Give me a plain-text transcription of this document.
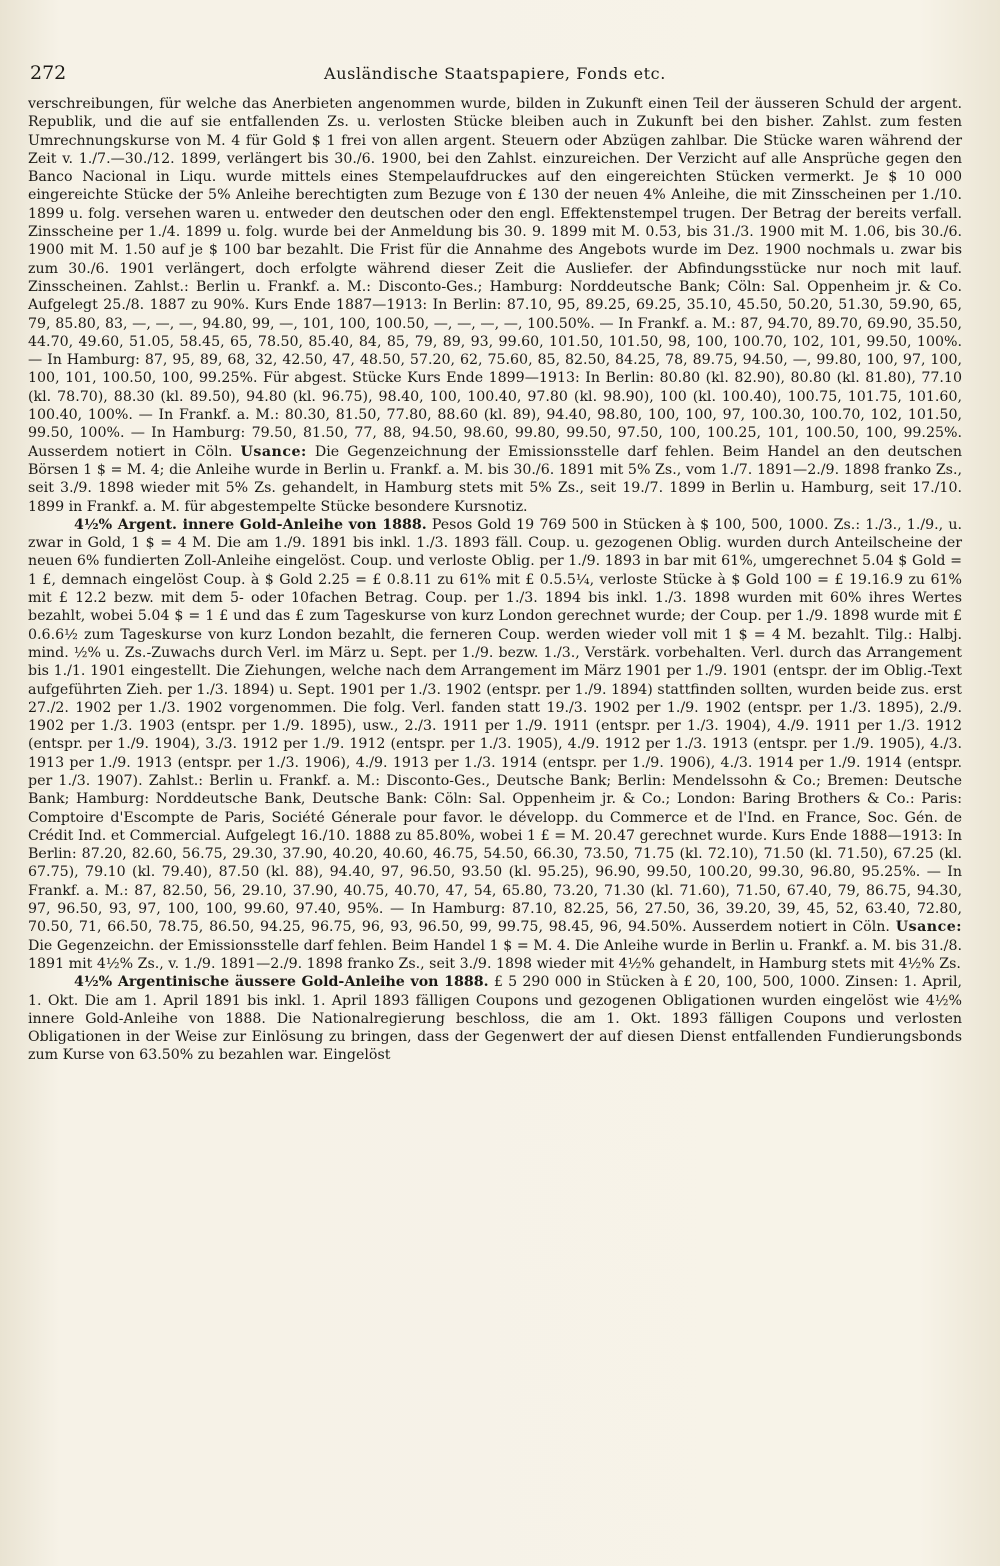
272	Ausländische Staatspapiere, Fonds etc.

verschreibungen, für welche das Anerbieten angenommen wurde, bilden in Zukunft einen Teil der äusseren Schuld der argent. Republik, und die auf sie entfallenden Zs. u. verlosten Stücke bleiben auch in Zukunft bei den bisher. Zahlst. zum festen Umrechnungskurse von M. 4 für Gold $ 1 frei von allen argent. Steuern oder Abzügen zahlbar. Die Stücke waren während der Zeit v. 1./7.—30./12. 1899, verlängert bis 30./6. 1900, bei den Zahlst. einzureichen. Der Verzicht auf alle Ansprüche gegen den Banco Nacional in Liqu. wurde mittels eines Stempelaufdruckes auf den eingereichten Stücken vermerkt. Je $ 10 000 eingereichte Stücke der 5% Anleihe berechtigten zum Bezuge von £ 130 der neuen 4% Anleihe, die mit Zinsscheinen per 1./10. 1899 u. folg. versehen waren u. entweder den deutschen oder den engl. Effektenstempel trugen. Der Betrag der bereits verfall. Zinsscheine per 1./4. 1899 u. folg. wurde bei der Anmeldung bis 30. 9. 1899 mit M. 0.53, bis 31./3. 1900 mit M. 1.06, bis 30./6. 1900 mit M. 1.50 auf je $ 100 bar bezahlt. Die Frist für die Annahme des Angebots wurde im Dez. 1900 nochmals u. zwar bis zum 30./6. 1901 verlängert, doch erfolgte während dieser Zeit die Ausliefer. der Abfindungsstücke nur noch mit lauf. Zinsscheinen. Zahlst.: Berlin u. Frankf. a. M.: Disconto-Ges.; Hamburg: Norddeutsche Bank; Cöln: Sal. Oppenheim jr. & Co. Aufgelegt 25./8. 1887 zu 90%. Kurs Ende 1887—1913: In Berlin: 87.10, 95, 89.25, 69.25, 35.10, 45.50, 50.20, 51.30, 59.90, 65, 79, 85.80, 83, —, —, —, 94.80, 99, —, 101, 100, 100.50, —, —, —, —, 100.50%. — In Frankf. a. M.: 87, 94.70, 89.70, 69.90, 35.50, 44.70, 49.60, 51.05, 58.45, 65, 78.50, 85.40, 84, 85, 79, 89, 93, 99.60, 101.50, 101.50, 98, 100, 100.70, 102, 101, 99.50, 100%. — In Hamburg: 87, 95, 89, 68, 32, 42.50, 47, 48.50, 57.20, 62, 75.60, 85, 82.50, 84.25, 78, 89.75, 94.50, —, 99.80, 100, 97, 100, 100, 101, 100.50, 100, 99.25%. Für abgest. Stücke Kurs Ende 1899—1913: In Berlin: 80.80 (kl. 82.90), 80.80 (kl. 81.80), 77.10 (kl. 78.70), 88.30 (kl. 89.50), 94.80 (kl. 96.75), 98.40, 100, 100.40, 97.80 (kl. 98.90), 100 (kl. 100.40), 100.75, 101.75, 101.60, 100.40, 100%. — In Frankf. a. M.: 80.30, 81.50, 77.80, 88.60 (kl. 89), 94.40, 98.80, 100, 100, 97, 100.30, 100.70, 102, 101.50, 99.50, 100%. — In Hamburg: 79.50, 81.50, 77, 88, 94.50, 98.60, 99.80, 99.50, 97.50, 100, 100.25, 101, 100.50, 100, 99.25%. Ausserdem notiert in Cöln. Usance: Die Gegenzeichnung der Emissionsstelle darf fehlen. Beim Handel an den deutschen Börsen 1 $ = M. 4; die Anleihe wurde in Berlin u. Frankf. a. M. bis 30./6. 1891 mit 5% Zs., vom 1./7. 1891—2./9. 1898 franko Zs., seit 3./9. 1898 wieder mit 5% Zs. gehandelt, in Hamburg stets mit 5% Zs., seit 19./7. 1899 in Berlin u. Hamburg, seit 17./10. 1899 in Frankf. a. M. für abgestempelte Stücke besondere Kursnotiz.

4½% Argent. innere Gold-Anleihe von 1888. Pesos Gold 19 769 500 in Stücken à $ 100, 500, 1000. Zs.: 1./3., 1./9., u. zwar in Gold, 1 $ = 4 M. Die am 1./9. 1891 bis inkl. 1./3. 1893 fäll. Coup. u. gezogenen Oblig. wurden durch Anteilscheine der neuen 6% fundierten Zoll-Anleihe eingelöst. Coup. und verloste Oblig. per 1./9. 1893 in bar mit 61%, umgerechnet 5.04 $ Gold = 1 £, demnach eingelöst Coup. à $ Gold 2.25 = £ 0.8.11 zu 61% mit £ 0.5.5¼, verloste Stücke à $ Gold 100 = £ 19.16.9 zu 61% mit £ 12.2 bezw. mit dem 5- oder 10fachen Betrag. Coup. per 1./3. 1894 bis inkl. 1./3. 1898 wurden mit 60% ihres Wertes bezahlt, wobei 5.04 $ = 1 £ und das £ zum Tageskurse von kurz London gerechnet wurde; der Coup. per 1./9. 1898 wurde mit £ 0.6.6½ zum Tageskurse von kurz London bezahlt, die ferneren Coup. werden wieder voll mit 1 $ = 4 M. bezahlt. Tilg.: Halbj. mind. ½% u. Zs.-Zuwachs durch Verl. im März u. Sept. per 1./9. bezw. 1./3., Verstärk. vorbehalten. Verl. durch das Arrangement bis 1./1. 1901 eingestellt. Die Ziehungen, welche nach dem Arrangement im März 1901 per 1./9. 1901 (entspr. der im Oblig.-Text aufgeführten Zieh. per 1./3. 1894) u. Sept. 1901 per 1./3. 1902 (entspr. per 1./9. 1894) stattfinden sollten, wurden beide zus. erst 27./2. 1902 per 1./3. 1902 vorgenommen. Die folg. Verl. fanden statt 19./3. 1902 per 1./9. 1902 (entspr. per 1./3. 1895), 2./9. 1902 per 1./3. 1903 (entspr. per 1./9. 1895), usw., 2./3. 1911 per 1./9. 1911 (entspr. per 1./3. 1904), 4./9. 1911 per 1./3. 1912 (entspr. per 1./9. 1904), 3./3. 1912 per 1./9. 1912 (entspr. per 1./3. 1905), 4./9. 1912 per 1./3. 1913 (entspr. per 1./9. 1905), 4./3. 1913 per 1./9. 1913 (entspr. per 1./3. 1906), 4./9. 1913 per 1./3. 1914 (entspr. per 1./9. 1906), 4./3. 1914 per 1./9. 1914 (entspr. per 1./3. 1907). Zahlst.: Berlin u. Frankf. a. M.: Disconto-Ges., Deutsche Bank; Berlin: Mendelssohn & Co.; Bremen: Deutsche Bank; Hamburg: Norddeutsche Bank, Deutsche Bank: Cöln: Sal. Oppenheim jr. & Co.; London: Baring Brothers & Co.: Paris: Comptoire d'Escompte de Paris, Société Génerale pour favor. le développ. du Commerce et de l'Ind. en France, Soc. Gén. de Crédit Ind. et Commercial. Aufgelegt 16./10. 1888 zu 85.80%, wobei 1 £ = M. 20.47 gerechnet wurde. Kurs Ende 1888—1913: In Berlin: 87.20, 82.60, 56.75, 29.30, 37.90, 40.20, 40.60, 46.75, 54.50, 66.30, 73.50, 71.75 (kl. 72.10), 71.50 (kl. 71.50), 67.25 (kl. 67.75), 79.10 (kl. 79.40), 87.50 (kl. 88), 94.40, 97, 96.50, 93.50 (kl. 95.25), 96.90, 99.50, 100.20, 99.30, 96.80, 95.25%. — In Frankf. a. M.: 87, 82.50, 56, 29.10, 37.90, 40.75, 40.70, 47, 54, 65.80, 73.20, 71.30 (kl. 71.60), 71.50, 67.40, 79, 86.75, 94.30, 97, 96.50, 93, 97, 100, 100, 99.60, 97.40, 95%. — In Hamburg: 87.10, 82.25, 56, 27.50, 36, 39.20, 39, 45, 52, 63.40, 72.80, 70.50, 71, 66.50, 78.75, 86.50, 94.25, 96.75, 96, 93, 96.50, 99, 99.75, 98.45, 96, 94.50%. Ausserdem notiert in Cöln. Usance: Die Gegenzeichn. der Emissionsstelle darf fehlen. Beim Handel 1 $ = M. 4. Die Anleihe wurde in Berlin u. Frankf. a. M. bis 31./8. 1891 mit 4½% Zs., v. 1./9. 1891—2./9. 1898 franko Zs., seit 3./9. 1898 wieder mit 4½% gehandelt, in Hamburg stets mit 4½% Zs.

4½% Argentinische äussere Gold-Anleihe von 1888. £ 5 290 000 in Stücken à £ 20, 100, 500, 1000. Zinsen: 1. April, 1. Okt. Die am 1. April 1891 bis inkl. 1. April 1893 fälligen Coupons und gezogenen Obligationen wurden eingelöst wie 4½% innere Gold-Anleihe von 1888. Die Nationalregierung beschloss, die am 1. Okt. 1893 fälligen Coupons und verlosten Obligationen in der Weise zur Einlösung zu bringen, dass der Gegenwert der auf diesen Dienst entfallenden Fundierungsbonds zum Kurse von 63.50% zu bezahlen war. Eingelöst
